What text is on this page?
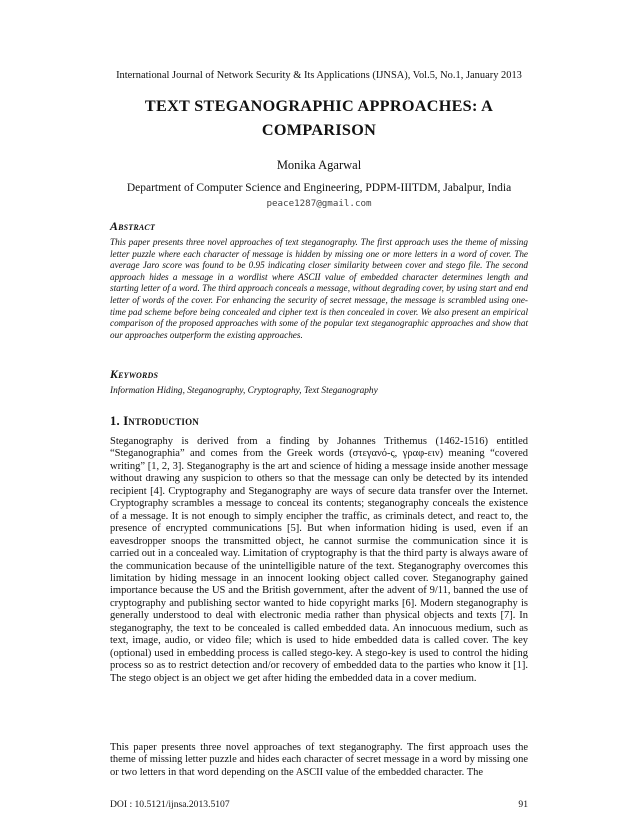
International Journal of Network Security & Its Applications (IJNSA), Vol.5, No.1, January 2013
TEXT STEGANOGRAPHIC APPROACHES: A COMPARISON
Monika Agarwal
Department of Computer Science and Engineering, PDPM-IIITDM, Jabalpur, India
peace1287@gmail.com
Abstract
This paper presents three novel approaches of text steganography. The first approach uses the theme of missing letter puzzle where each character of message is hidden by missing one or more letters in a word of cover. The average Jaro score was found to be 0.95 indicating closer similarity between cover and stego file. The second approach hides a message in a wordlist where ASCII value of embedded character determines length and starting letter of a word. The third approach conceals a message, without degrading cover, by using start and end letter of words of the cover. For enhancing the security of secret message, the message is scrambled using one-time pad scheme before being concealed and cipher text is then concealed in cover. We also present an empirical comparison of the proposed approaches with some of the popular text steganographic approaches and show that our approaches outperform the existing approaches.
Keywords
Information Hiding, Steganography, Cryptography, Text Steganography
1. Introduction
Steganography is derived from a finding by Johannes Trithemus (1462-1516) entitled “Steganographia” and comes from the Greek words (στεγανό-ς, γραφ-ειν) meaning “covered writing” [1, 2, 3]. Steganography is the art and science of hiding a message inside another message without drawing any suspicion to others so that the message can only be detected by its intended recipient [4]. Cryptography and Steganography are ways of secure data transfer over the Internet. Cryptography scrambles a message to conceal its contents; steganography conceals the existence of a message. It is not enough to simply encipher the traffic, as criminals detect, and react to, the presence of encrypted communications [5]. But when information hiding is used, even if an eavesdropper snoops the transmitted object, he cannot surmise the communication since it is carried out in a concealed way. Limitation of cryptography is that the third party is always aware of the communication because of the unintelligible nature of the text. Steganography overcomes this limitation by hiding message in an innocent looking object called cover. Steganography gained importance because the US and the British government, after the advent of 9/11, banned the use of cryptography and publishing sector wanted to hide copyright marks [6]. Modern steganography is generally understood to deal with electronic media rather than physical objects and texts [7]. In steganography, the text to be concealed is called embedded data. An innocuous medium, such as text, image, audio, or video file; which is used to hide embedded data is called cover. The key (optional) used in embedding process is called stego-key. A stego-key is used to control the hiding process so as to restrict detection and/or recovery of embedded data to the parties who know it [1]. The stego object is an object we get after hiding the embedded data in a cover medium.
This paper presents three novel approaches of text steganography. The first approach uses the theme of missing letter puzzle and hides each character of secret message in a word by missing one or two letters in that word depending on the ASCII value of the embedded character. The
DOI : 10.5121/ijnsa.2013.5107	91
